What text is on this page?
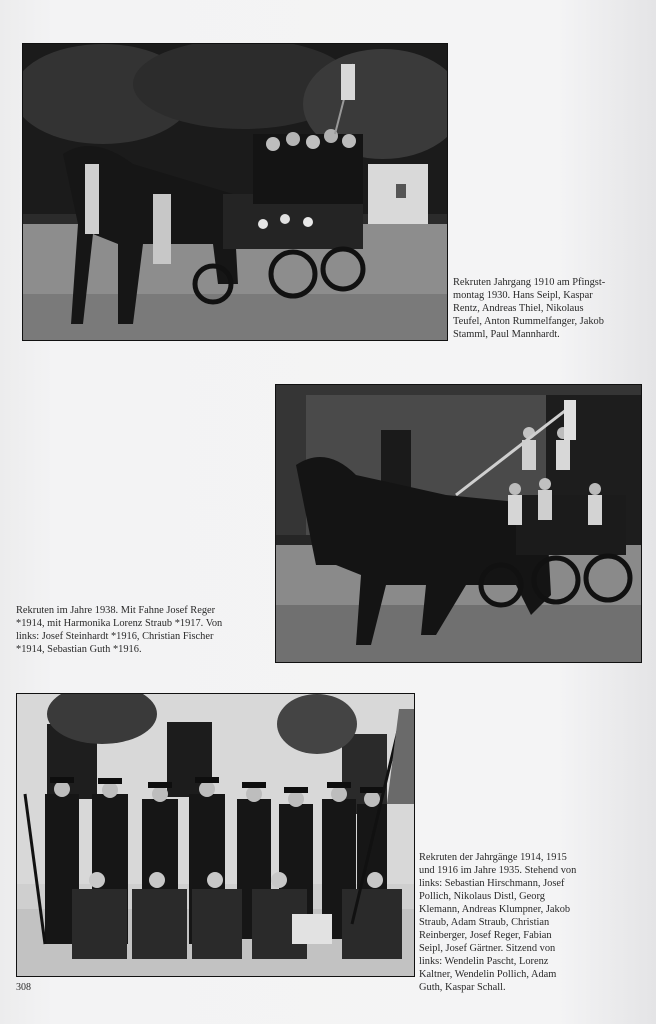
Rekruten Jahrgang 1910 am Pfingst-
montag 1930. Hans Seipl, Kaspar
Rentz, Andreas Thiel, Nikolaus
Teufel, Anton Rummelfanger, Jakob
Stamml, Paul Mannhardt.
Rekruten im Jahre 1938. Mit Fahne Josef Reger
*1914, mit Harmonika Lorenz Straub *1917. Von
links: Josef Steinhardt *1916, Christian Fischer
*1914, Sebastian Guth *1916.
Rekruten der Jahrgänge 1914, 1915
und 1916 im Jahre 1935. Stehend von
links: Sebastian Hirschmann, Josef
Pollich, Nikolaus Distl, Georg
Klemann, Andreas Klumpner, Jakob
Straub, Adam Straub, Christian
Reinberger, Josef Reger, Fabian
Seipl, Josef Gärtner. Sitzend von
links: Wendelin Pascht, Lorenz
Kaltner, Wendelin Pollich, Adam
Guth, Kaspar Schall.
308
